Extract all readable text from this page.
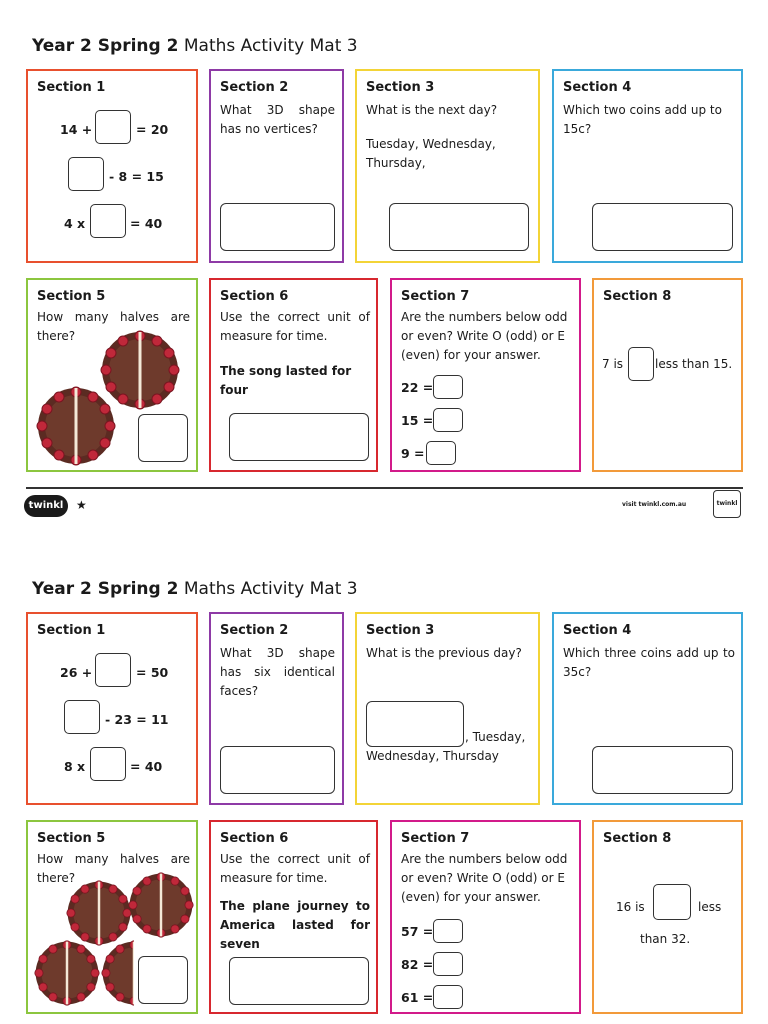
Year 2 Spring 2 Maths Activity Mat 3
Section 1
14 +	= 20
- 8 = 15
4 x	= 40
Section 2
What 3D shape has no vertices?
Section 3
What is the next day?
Tuesday, Wednesday, Thursday,
Section 4
Which two coins add up to 15c?
Section 5
How many halves are there?
Section 6
Use the correct unit of measure for time.
The song lasted for four
Section 7
Are the numbers below odd or even? Write O (odd) or E (even) for your answer.
22 =
15 =
9 =
Section 8
7 is	less than 15.
twinkl	★	visit twinkl.com.au	twinkl
Year 2 Spring 2 Maths Activity Mat 3
Section 1
26 +	= 50
- 23 = 11
8 x	= 40
Section 2
What 3D shape has six identical faces?
Section 3
What is the previous day?
, Tuesday,
Wednesday, Thursday
Section 4
Which three coins add up to 35c?
Section 5
How many halves are there?
Section 6
Use the correct unit of measure for time.
The plane journey to America lasted for seven
Section 7
Are the numbers below odd or even? Write O (odd) or E (even) for your answer.
57 =
82 =
61 =
Section 8
16 is	less
than 32.
